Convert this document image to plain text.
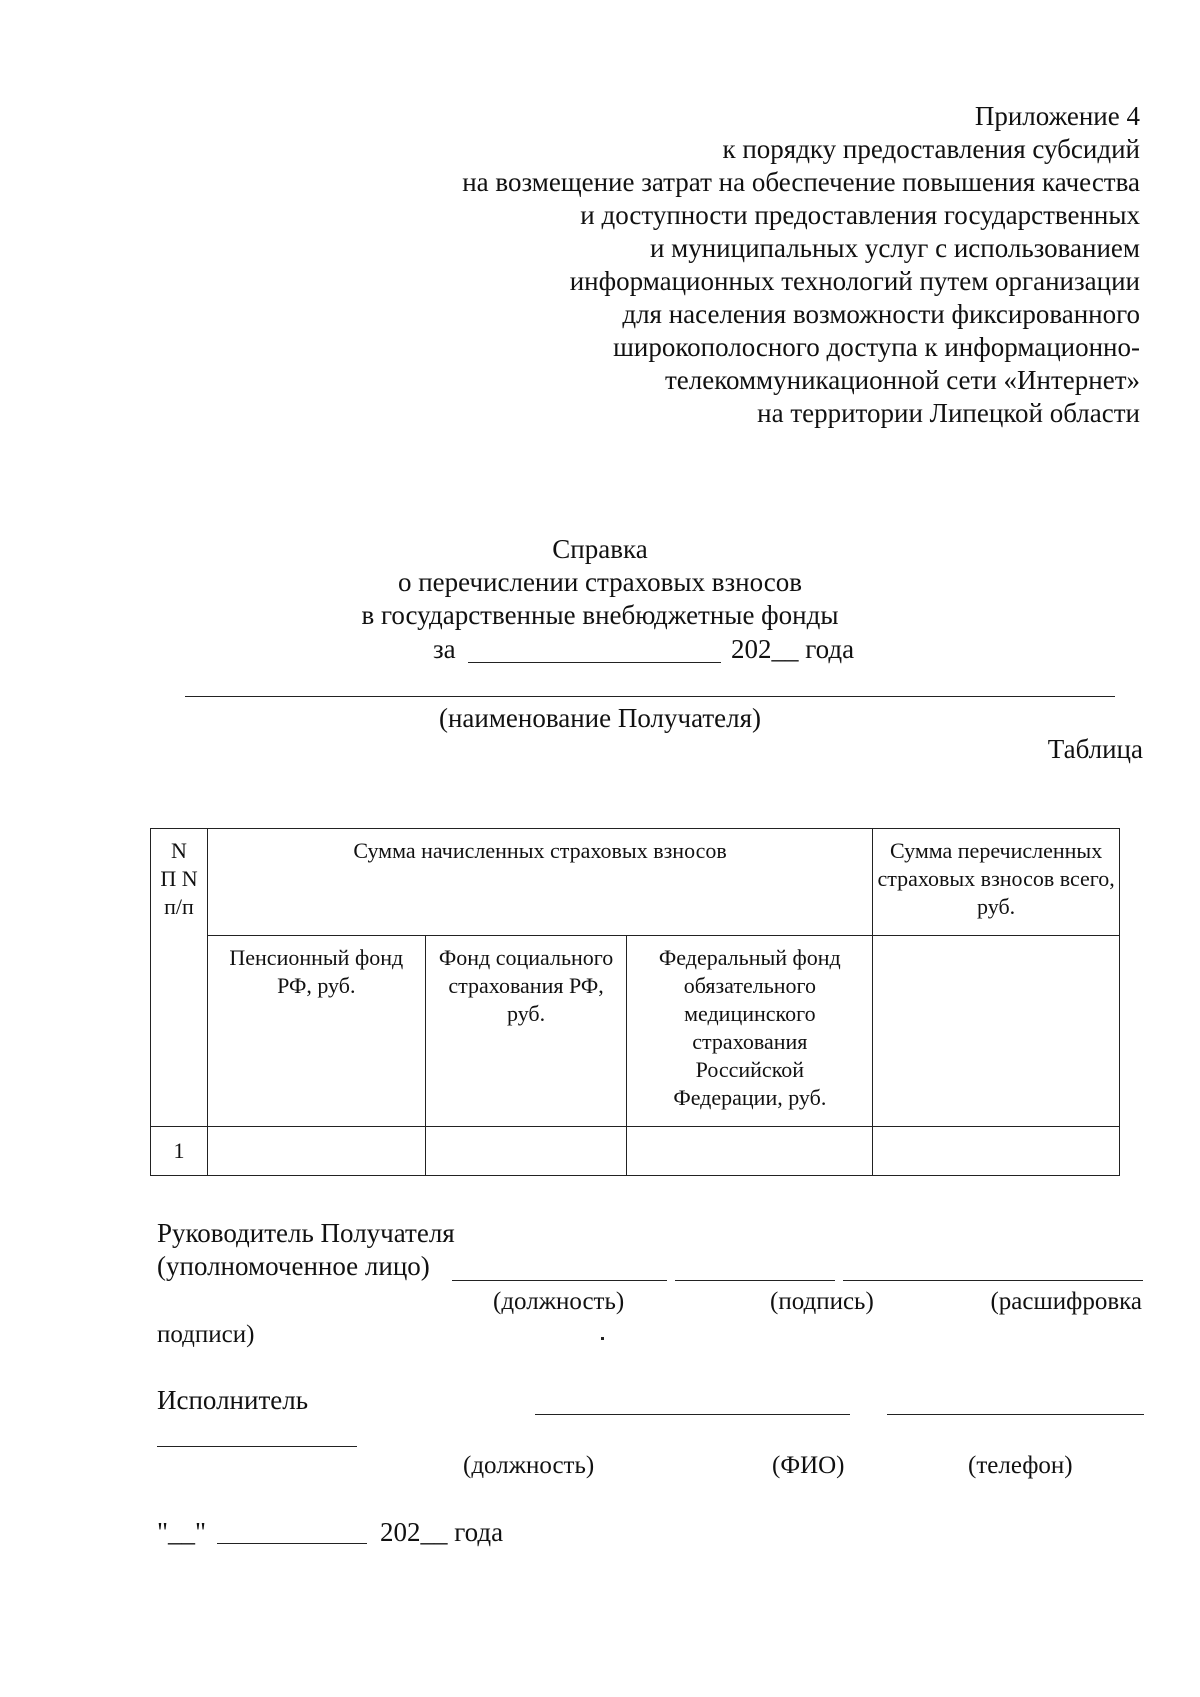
Приложение 4
к порядку предоставления субсидий
на возмещение затрат на обеспечение повышения качества
и доступности предоставления государственных
и муниципальных услуг с использованием
информационных технологий путем организации
для населения возможности фиксированного
широкополосного доступа к информационно-
телекоммуникационной сети «Интернет»
на территории Липецкой области
Справка
о перечислении страховых взносов
в государственные внебюджетные фонды
за	202__ года
(наименование Получателя)
Таблица
N
П N
п/п	Сумма начисленных страховых взносов			Сумма перечисленных страховых взносов всего, руб.
	Пенсионный фонд РФ, руб.	Фонд социального страхования РФ, руб.	Федеральный фонд обязательного медицинского страхования Российской Федерации, руб.	
1				
Руководитель Получателя
(уполномоченное лицо)
(должность)	(подпись)	(расшифровка
подписи)
Исполнитель
(должность)	(ФИО)	(телефон)
"__"	202__ года
